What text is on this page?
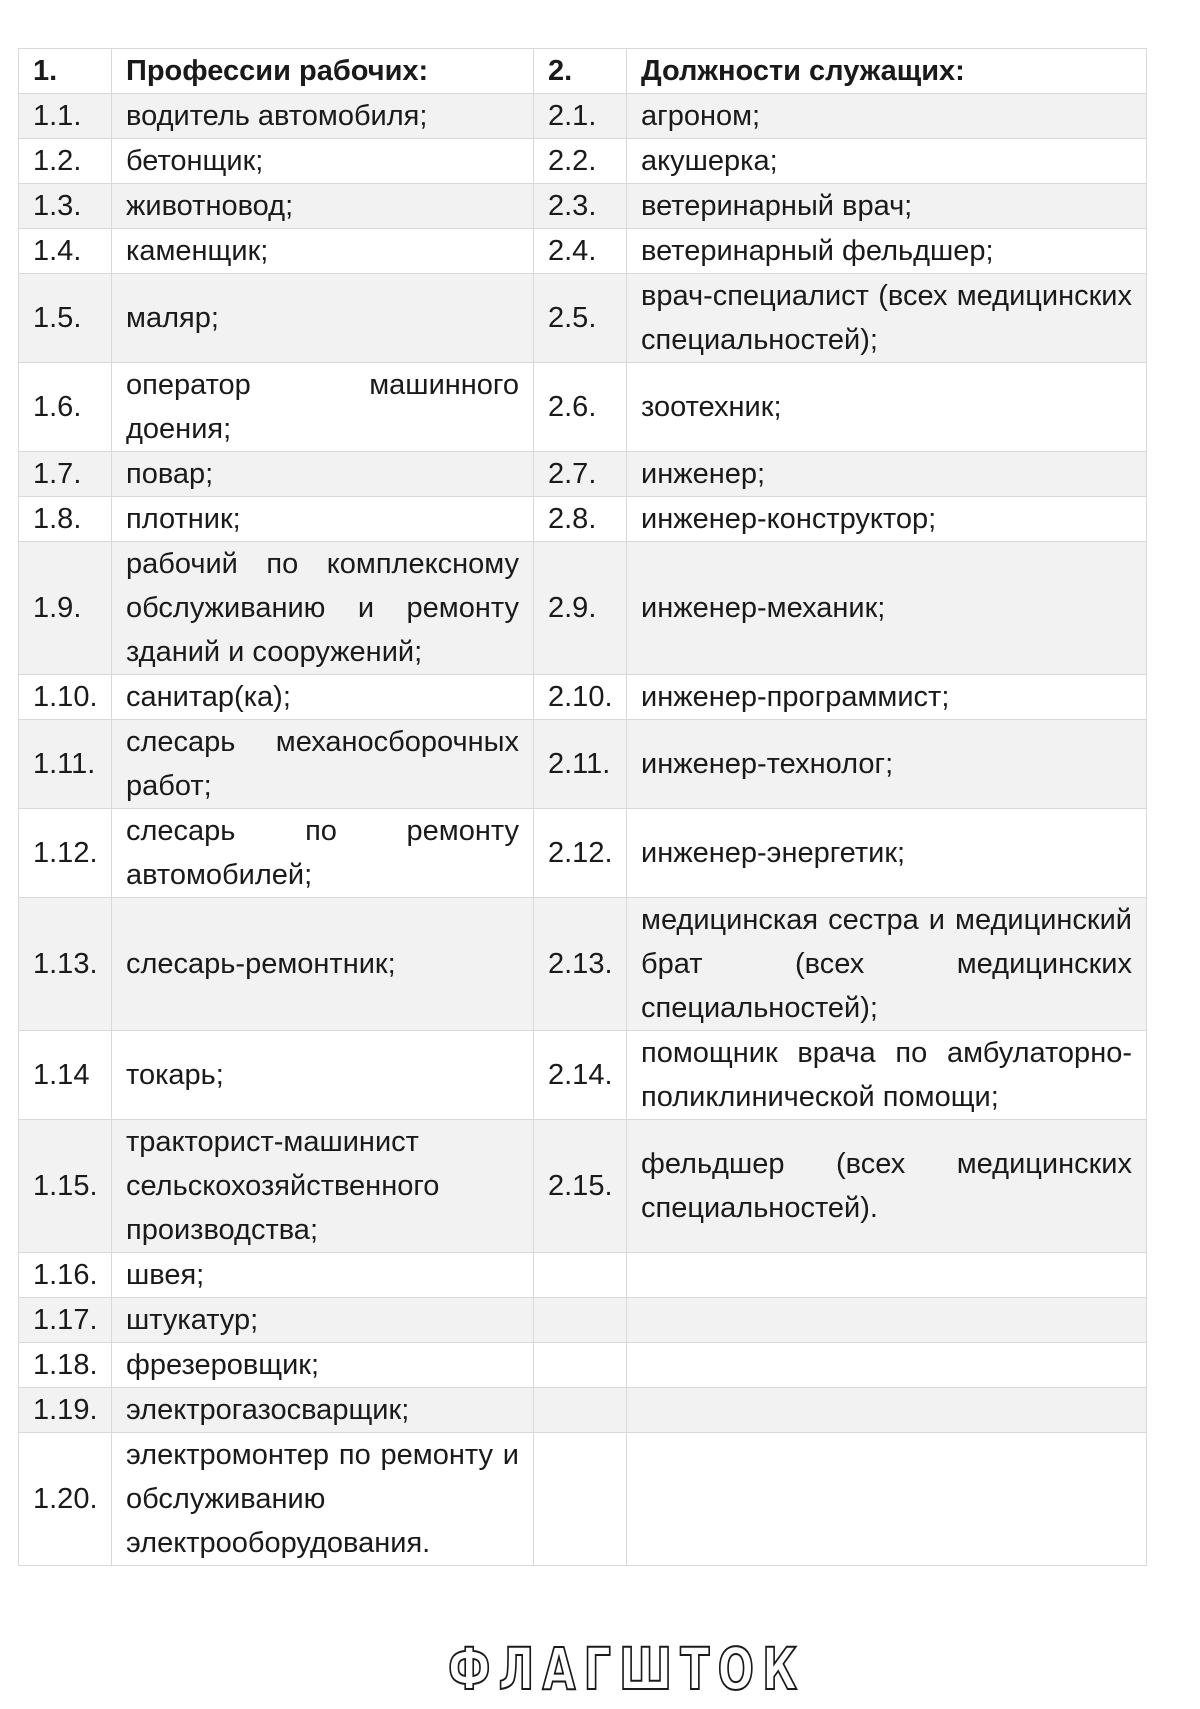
1.	Профессии рабочих:	2.	Должности служащих:
1.1.	водитель автомобиля;	2.1.	агроном;
1.2.	бетонщик;	2.2.	акушерка;
1.3.	животновод;	2.3.	ветеринарный врач;
1.4.	каменщик;	2.4.	ветеринарный фельдшер;
1.5.	маляр;	2.5.	врач-специалист (всех медицинских специальностей);
1.6.	оператор машинного доения;	2.6.	зоотехник;
1.7.	повар;	2.7.	инженер;
1.8.	плотник;	2.8.	инженер-конструктор;
1.9.	рабочий по комплексному обслуживанию и ремонту зданий и сооружений;	2.9.	инженер-механик;
1.10.	санитар(ка);	2.10.	инженер-программист;
1.11.	слесарь механосборочных работ;	2.11.	инженер-технолог;
1.12.	слесарь по ремонту автомобилей;	2.12.	инженер-энергетик;
1.13.	слесарь-ремонтник;	2.13.	медицинская сестра и медицинский брат (всех медицинских специальностей);
1.14	токарь;	2.14.	помощник врача по амбулаторно-поликлинической помощи;
1.15.	тракторист-машинист сельскохозяйственного производства;	2.15.	фельдшер (всех медицинских специальностей).
1.16.	швея;		
1.17.	штукатур;		
1.18.	фрезеровщик;		
1.19.	электрогазосварщик;		
1.20.	электромонтер по ремонту и обслуживанию электрооборудования.		
ФЛАГШТОК
